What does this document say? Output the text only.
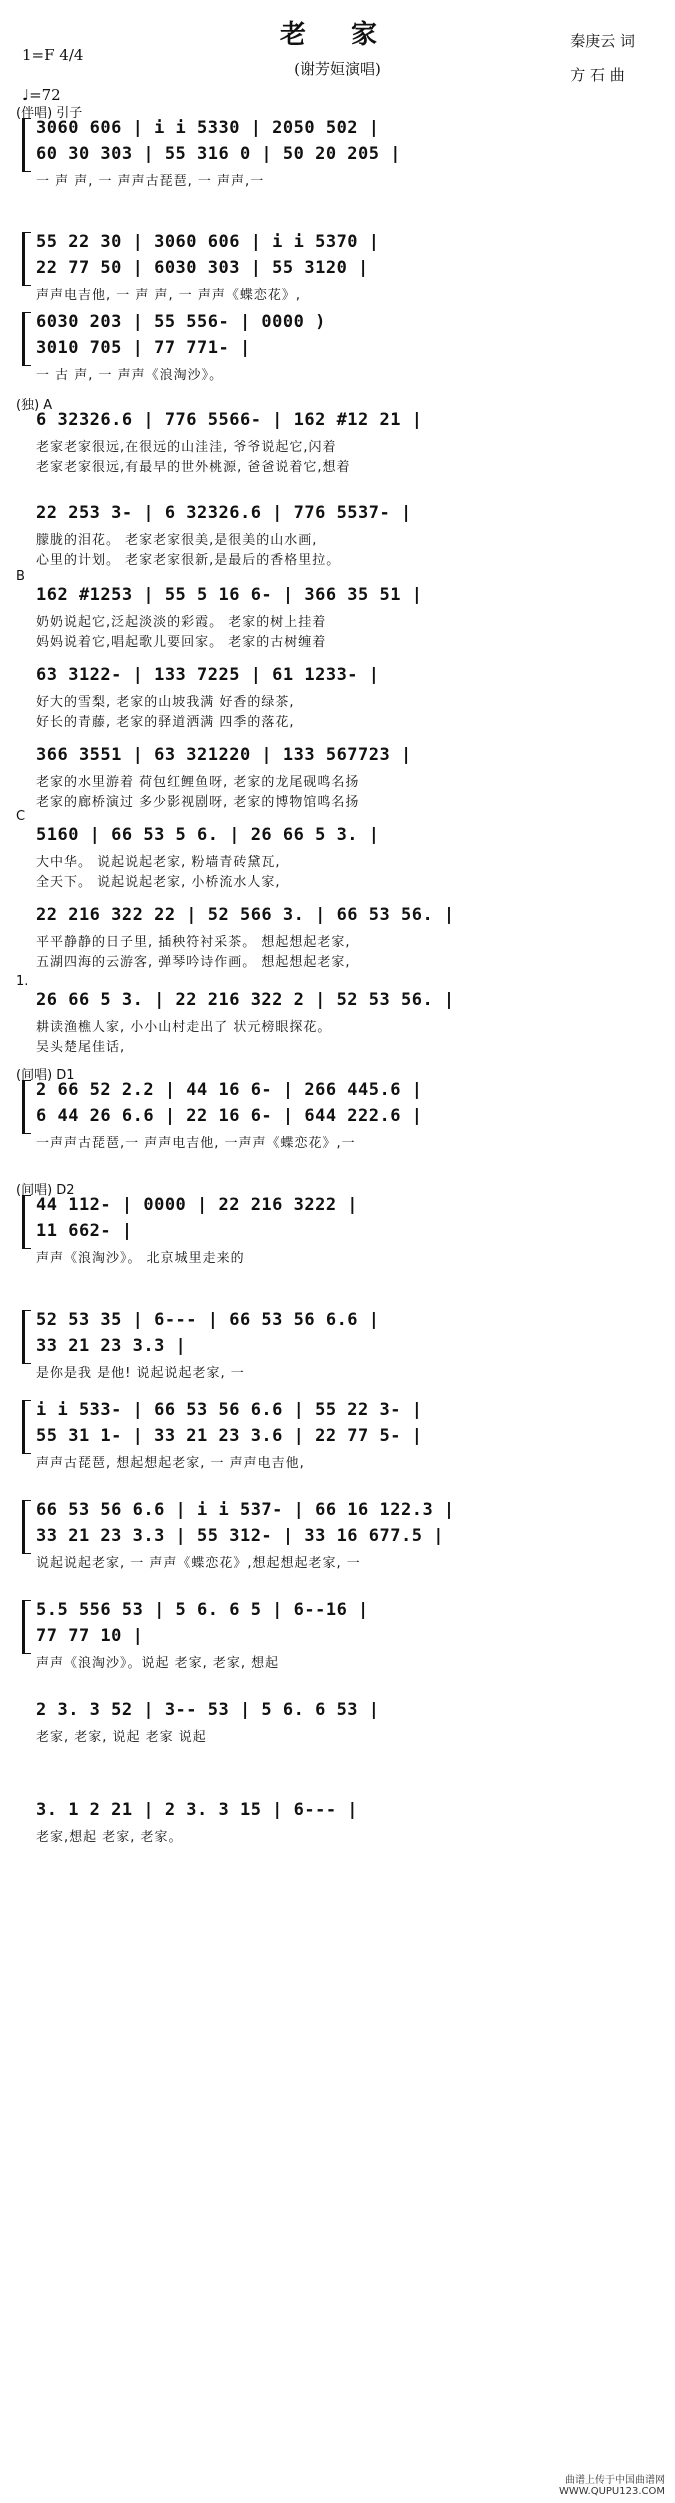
老 家
(谢芳姮演唱)
秦庚云 词
方 石 曲
1=F 4/4
♩=72
(伴唱) 引子
3060 606 | i i 5330 | 2050 502 |
60 30 303 | 55 316 0 | 50 20 205 |
一 声 声, 一 声声古琵琶, 一 声声,一
55 22 30 | 3060 606 | i i 5370 |
22 77 50 | 6030 303 | 55 3120 |
声声电吉他, 一 声 声, 一 声声《蝶恋花》,
6030 203 | 55 556- | 0000 )
3010 705 | 77 771- |
一 古 声, 一 声声《浪淘沙》。
(独) A
6 32326.6 | 776 5566- | 162 #12 21 |
老家老家很远,在很远的山洼洼, 爷爷说起它,闪着
老家老家很远,有最早的世外桃源, 爸爸说着它,想着
22 253 3- | 6 32326.6 | 776 5537- |
朦胧的泪花。 老家老家很美,是很美的山水画,
心里的计划。 老家老家很新,是最后的香格里拉。
B
162 #1253 | 55 5 16 6- | 366 35 51 |
奶奶说起它,泛起淡淡的彩霞。 老家的树上挂着
妈妈说着它,唱起歌儿要回家。 老家的古树缠着
63 3122- | 133 7225 | 61 1233- |
好大的雪梨, 老家的山坡我满 好香的绿茶,
好长的青藤, 老家的驿道洒满 四季的落花,
366 3551 | 63 321220 | 133 567723 |
老家的水里游着 荷包红鲤鱼呀, 老家的龙尾砚鸣名扬
老家的廊桥演过 多少影视剧呀, 老家的博物馆鸣名扬
C
5160 | 66 53 5 6. | 26 66 5 3. |
大中华。 说起说起老家, 粉墙青砖黛瓦,
全天下。 说起说起老家, 小桥流水人家,
22 216 322 22 | 52 566 3. | 66 53 56. |
平平静静的日子里, 插秧符衬采茶。 想起想起老家,
五湖四海的云游客, 弹琴吟诗作画。 想起想起老家,
1.
26 66 5 3. | 22 216 322 2 | 52 53 56. |
耕读渔樵人家, 小小山村走出了 状元榜眼探花。
吴头楚尾佳话,
(间唱) D1
2 66 52 2.2 | 44 16 6- | 266 445.6 |
6 44 26 6.6 | 22 16 6- | 644 222.6 |
一声声古琵琶,一 声声电吉他, 一声声《蝶恋花》,一
(间唱) D2
44 112- | 0000 | 22 216 3222 |
11 662- |
声声《浪淘沙》。 北京城里走来的
52 53 35 | 6--- | 66 53 56 6.6 |
33 21 23 3.3 |
是你是我 是他! 说起说起老家, 一
i i 533- | 66 53 56 6.6 | 55 22 3- |
55 31 1- | 33 21 23 3.6 | 22 77 5- |
声声古琵琶, 想起想起老家, 一 声声电吉他,
66 53 56 6.6 | i i 537- | 66 16 122.3 |
33 21 23 3.3 | 55 312- | 33 16 677.5 |
说起说起老家, 一 声声《蝶恋花》,想起想起老家, 一
5.5 556 53 | 5 6. 6 5 | 6--16 |
77 77 10 |
声声《浪淘沙》。说起 老家, 老家, 想起
2 3. 3 52 | 3-- 53 | 5 6. 6 53 |
老家, 老家, 说起 老家 说起
3. 1 2 21 | 2 3. 3 15 | 6--- |
老家,想起 老家, 老家。
曲谱上传于中国曲谱网
WWW.QUPU123.COM
